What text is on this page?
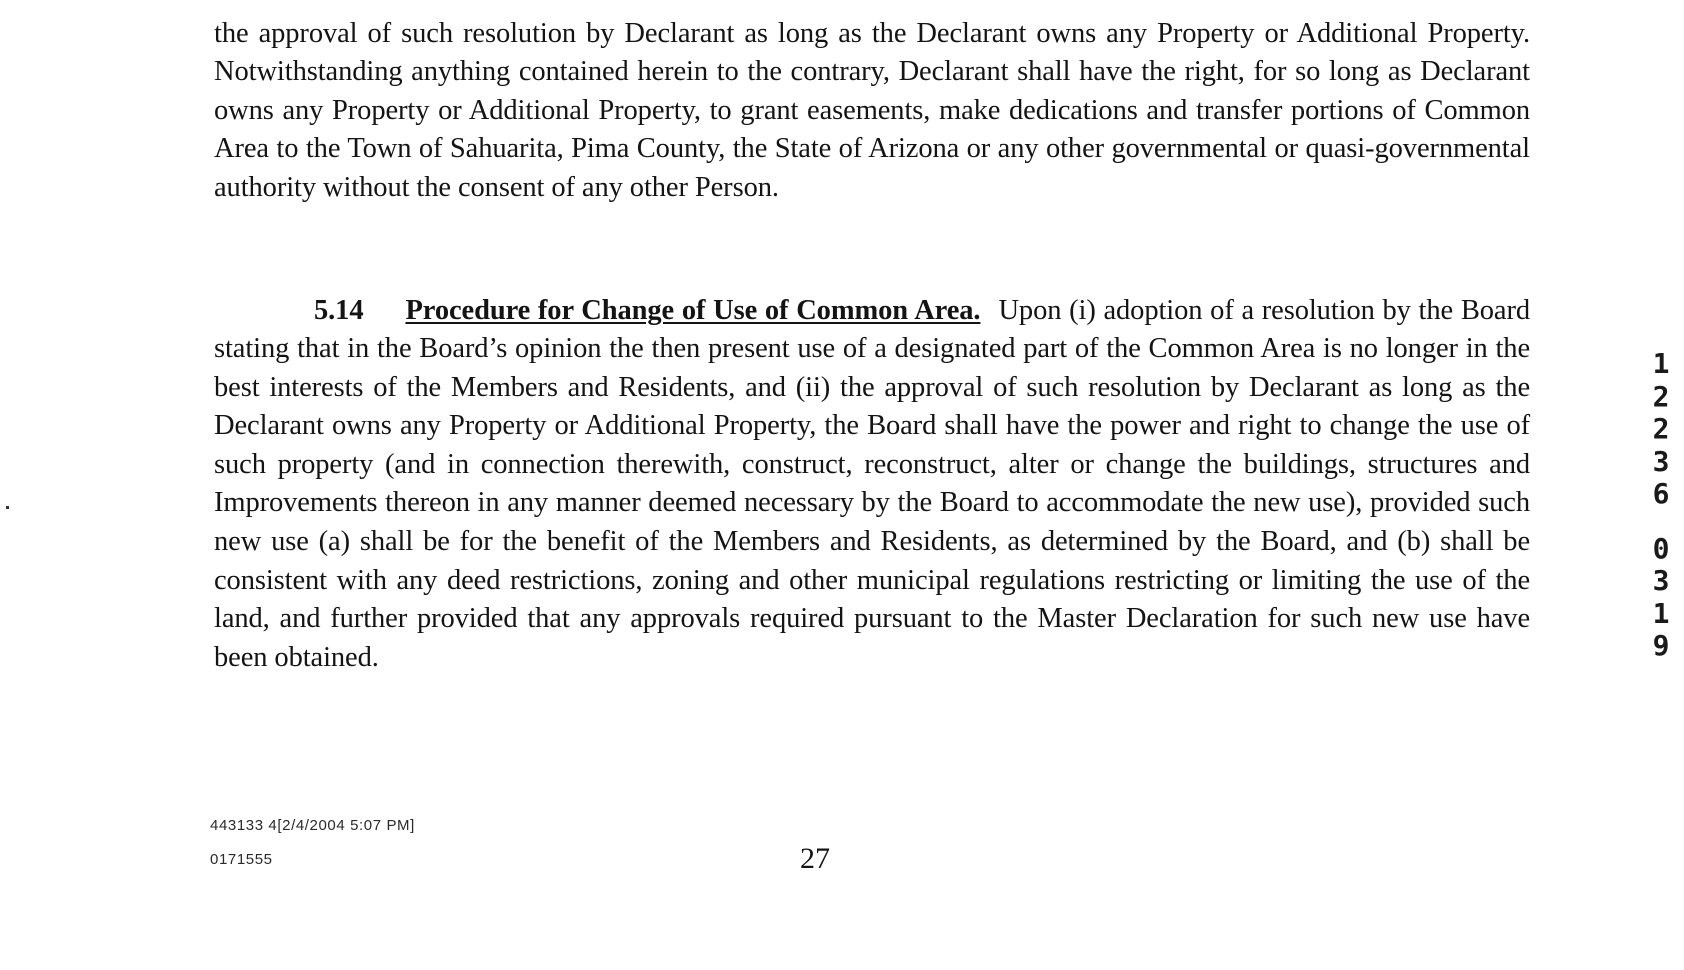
the approval of such resolution by Declarant as long as the Declarant owns any Property or Additional Property. Notwithstanding anything contained herein to the contrary, Declarant shall have the right, for so long as Declarant owns any Property or Additional Property, to grant easements, make dedications and transfer portions of Common Area to the Town of Sahuarita, Pima County, the State of Arizona or any other governmental or quasi-governmental authority without the consent of any other Person.

5.14 Procedure for Change of Use of Common Area. Upon (i) adoption of a resolution by the Board stating that in the Board’s opinion the then present use of a designated part of the Common Area is no longer in the best interests of the Members and Residents, and (ii) the approval of such resolution by Declarant as long as the Declarant owns any Property or Additional Property, the Board shall have the power and right to change the use of such property (and in connection therewith, construct, reconstruct, alter or change the buildings, structures and Improvements thereon in any manner deemed necessary by the Board to accommodate the new use), provided such new use (a) shall be for the benefit of the Members and Residents, as determined by the Board, and (b) shall be consistent with any deed restrictions, zoning and other municipal regulations restricting or limiting the use of the land, and further provided that any approvals required pursuant to the Master Declaration for such new use have been obtained.

443133 4[2/4/2004 5:07 PM]
0171555	27
1
2
2
3
6
0
3
1
9
